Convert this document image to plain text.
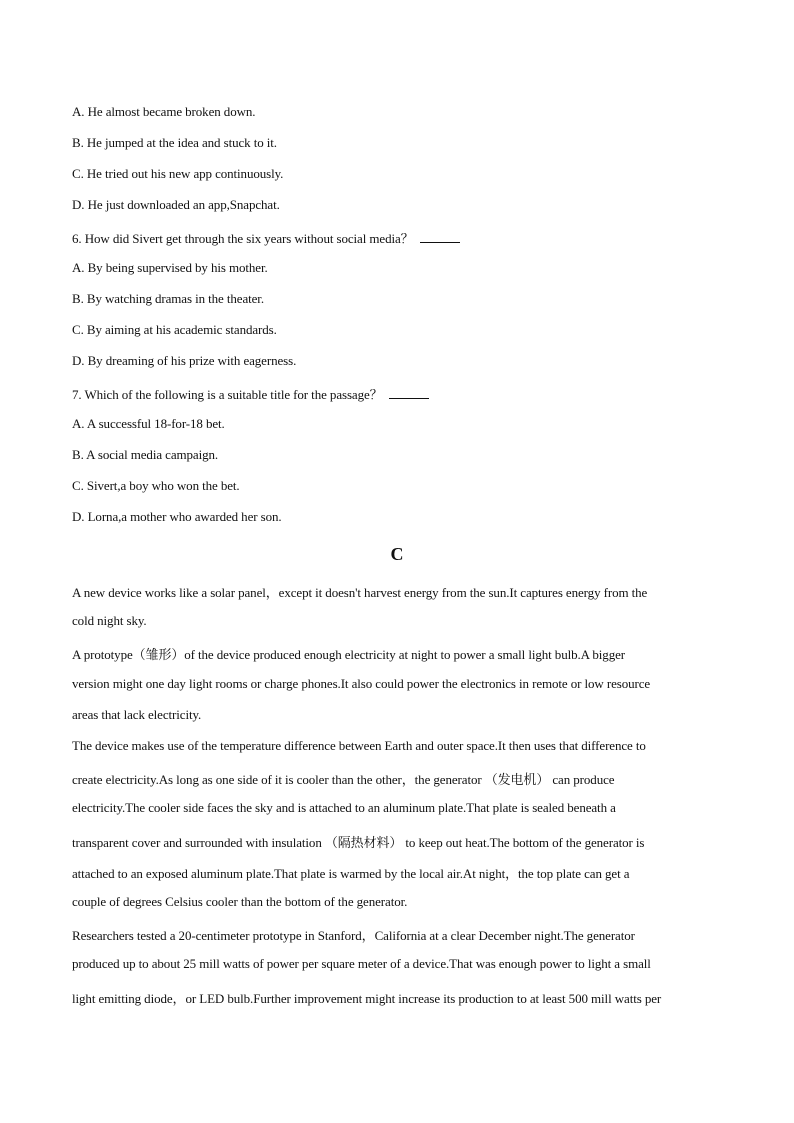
A. He almost became broken down.
B. He jumped at the idea and stuck to it.
C. He tried out his new app continuously.
D. He just downloaded an app,Snapchat.
6. How did Sivert get through the six years without social media？
A. By being supervised by his mother.
B. By watching dramas in the theater.
C. By aiming at his academic standards.
D. By dreaming of his prize with eagerness.
7. Which of the following is a suitable title for the passage？
A. A successful 18-for-18 bet.
B. A social media campaign.
C. Sivert,a boy who won the bet.
D. Lorna,a mother who awarded her son.
C
A new device works like a solar panel，except it doesn't harvest energy from the sun.It captures energy from the
cold night sky.
A prototype（雏形）of the device produced enough electricity at night to power a small light bulb.A bigger
version might one day light rooms or charge phones.It also could power the electronics in remote or low resource
areas that lack electricity.
The device makes use of the temperature difference between Earth and outer space.It then uses that difference to
create electricity.As long as one side of it is cooler than the other，the generator （发电机） can produce
electricity.The cooler side faces the sky and is attached to an aluminum plate.That plate is sealed beneath a
transparent cover and surrounded with insulation （隔热材料） to keep out heat.The bottom of the generator is
attached to an exposed aluminum plate.That plate is warmed by the local air.At night，the top plate can get a
couple of degrees Celsius cooler than the bottom of the generator.
Researchers tested a 20-centimeter prototype in Stanford，California at a clear December night.The generator
produced up to about 25 mill watts of power per square meter of a device.That was enough power to light a small
light emitting diode，or LED bulb.Further improvement might increase its production to at least 500 mill watts per
